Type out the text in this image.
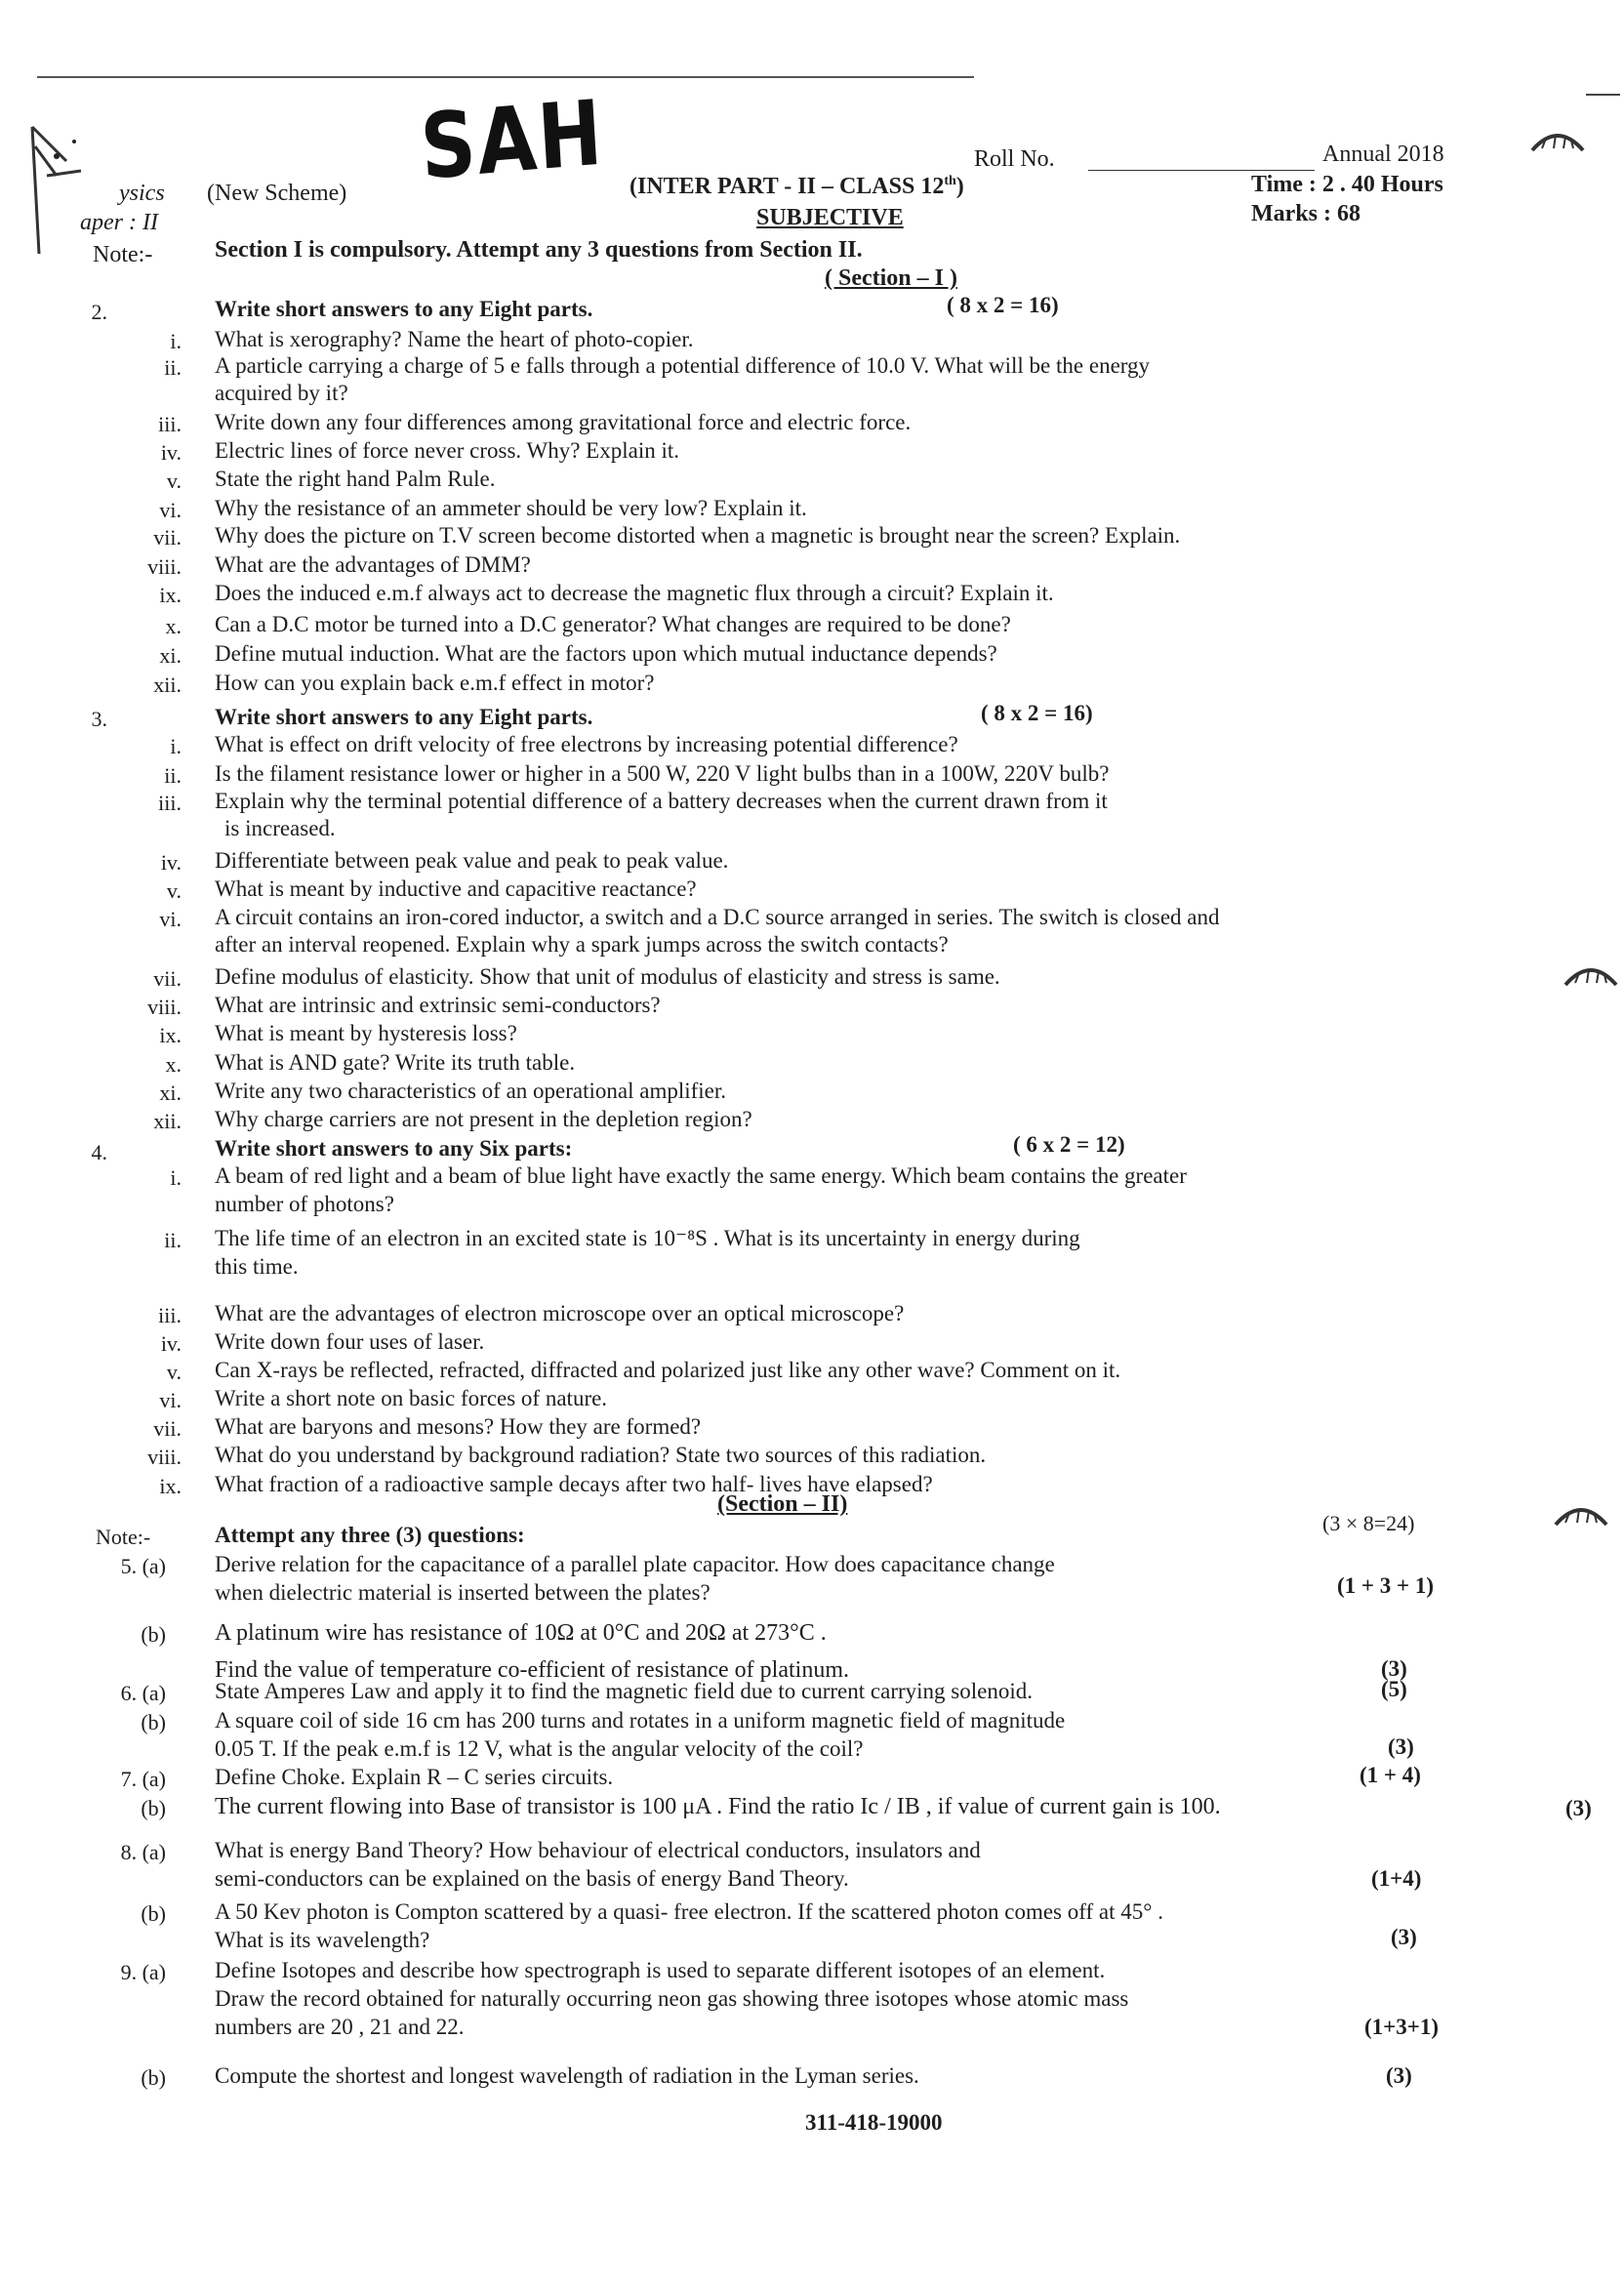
SAH
ysics (New Scheme)
aper : II
Roll No.	Annual 2018
(INTER PART - II – CLASS 12th)
SUBJECTIVE
Time : 2 . 40 Hours
Marks : 68
Note:-	Section I is compulsory. Attempt any 3 questions from Section II.
( Section – I )
2.	Write short answers to any Eight parts.	( 8 x 2 = 16)
i. What is xerography? Name the heart of photo-copier.
ii. A particle carrying a charge of 5 e falls through a potential difference of 10.0 V. What will be the energy
acquired by it?
iii. Write down any four differences among gravitational force and electric force.
iv. Electric lines of force never cross. Why? Explain it.
v. State the right hand Palm Rule.
vi. Why the resistance of an ammeter should be very low? Explain it.
vii. Why does the picture on T.V screen become distorted when a magnetic is brought near the screen? Explain.
viii. What are the advantages of DMM?
ix. Does the induced e.m.f always act to decrease the magnetic flux through a circuit? Explain it.
x. Can a D.C motor be turned into a D.C generator? What changes are required to be done?
xi. Define mutual induction. What are the factors upon which mutual inductance depends?
xii. How can you explain back e.m.f effect in motor?
3.	Write short answers to any Eight parts.	( 8 x 2 = 16)
i. What is effect on drift velocity of free electrons by increasing potential difference?
ii. Is the filament resistance lower or higher in a 500 W, 220 V light bulbs than in a 100W, 220V bulb?
iii. Explain why the terminal potential difference of a battery decreases when the current drawn from it
is increased.
iv. Differentiate between peak value and peak to peak value.
v. What is meant by inductive and capacitive reactance?
vi. A circuit contains an iron-cored inductor, a switch and a D.C source arranged in series. The switch is closed and
after an interval reopened. Explain why a spark jumps across the switch contacts?
vii. Define modulus of elasticity. Show that unit of modulus of elasticity and stress is same.
viii. What are intrinsic and extrinsic semi-conductors?
ix. What is meant by hysteresis loss?
x. What is AND gate? Write its truth table.
xi. Write any two characteristics of an operational amplifier.
xii. Why charge carriers are not present in the depletion region?
4.	Write short answers to any Six parts:	( 6 x 2 = 12)
i. A beam of red light and a beam of blue light have exactly the same energy. Which beam contains the greater
number of photons?
ii. The life time of an electron in an excited state is 10⁻⁸S . What is its uncertainty in energy during
this time.
iii. What are the advantages of electron microscope over an optical microscope?
iv. Write down four uses of laser.
v. Can X-rays be reflected, refracted, diffracted and polarized just like any other wave? Comment on it.
vi. Write a short note on basic forces of nature.
vii. What are baryons and mesons? How they are formed?
viii. What do you understand by background radiation? State two sources of this radiation.
ix. What fraction of a radioactive sample decays after two half- lives have elapsed?
(Section – II)
Note:-	Attempt any three (3) questions:	(3 × 8=24)
5. (a) Derive relation for the capacitance of a parallel plate capacitor. How does capacitance change
when dielectric material is inserted between the plates?	(1 + 3 + 1)
(b) A platinum wire has resistance of 10Ω at 0°C and 20Ω at 273°C .
Find the value of temperature co-efficient of resistance of platinum.	(3)
6. (a) State Amperes Law and apply it to find the magnetic field due to current carrying solenoid.	(5)
(b) A square coil of side 16 cm has 200 turns and rotates in a uniform magnetic field of magnitude
0.05 T. If the peak e.m.f is 12 V, what is the angular velocity of the coil?	(3)
7. (a) Define Choke. Explain R – C series circuits.	(1 + 4)
(b) The current flowing into Base of transistor is 100 μA . Find the ratio Ic / IB , if value of current gain is 100.	(3)
8. (a) What is energy Band Theory? How behaviour of electrical conductors, insulators and
semi-conductors can be explained on the basis of energy Band Theory.	(1+4)
(b) A 50 Kev photon is Compton scattered by a quasi- free electron. If the scattered photon comes off at 45° .
What is its wavelength?	(3)
9. (a) Define Isotopes and describe how spectrograph is used to separate different isotopes of an element.
Draw the record obtained for naturally occurring neon gas showing three isotopes whose atomic mass
numbers are 20 , 21 and 22.	(1+3+1)
(b) Compute the shortest and longest wavelength of radiation in the Lyman series.	(3)
311-418-19000
